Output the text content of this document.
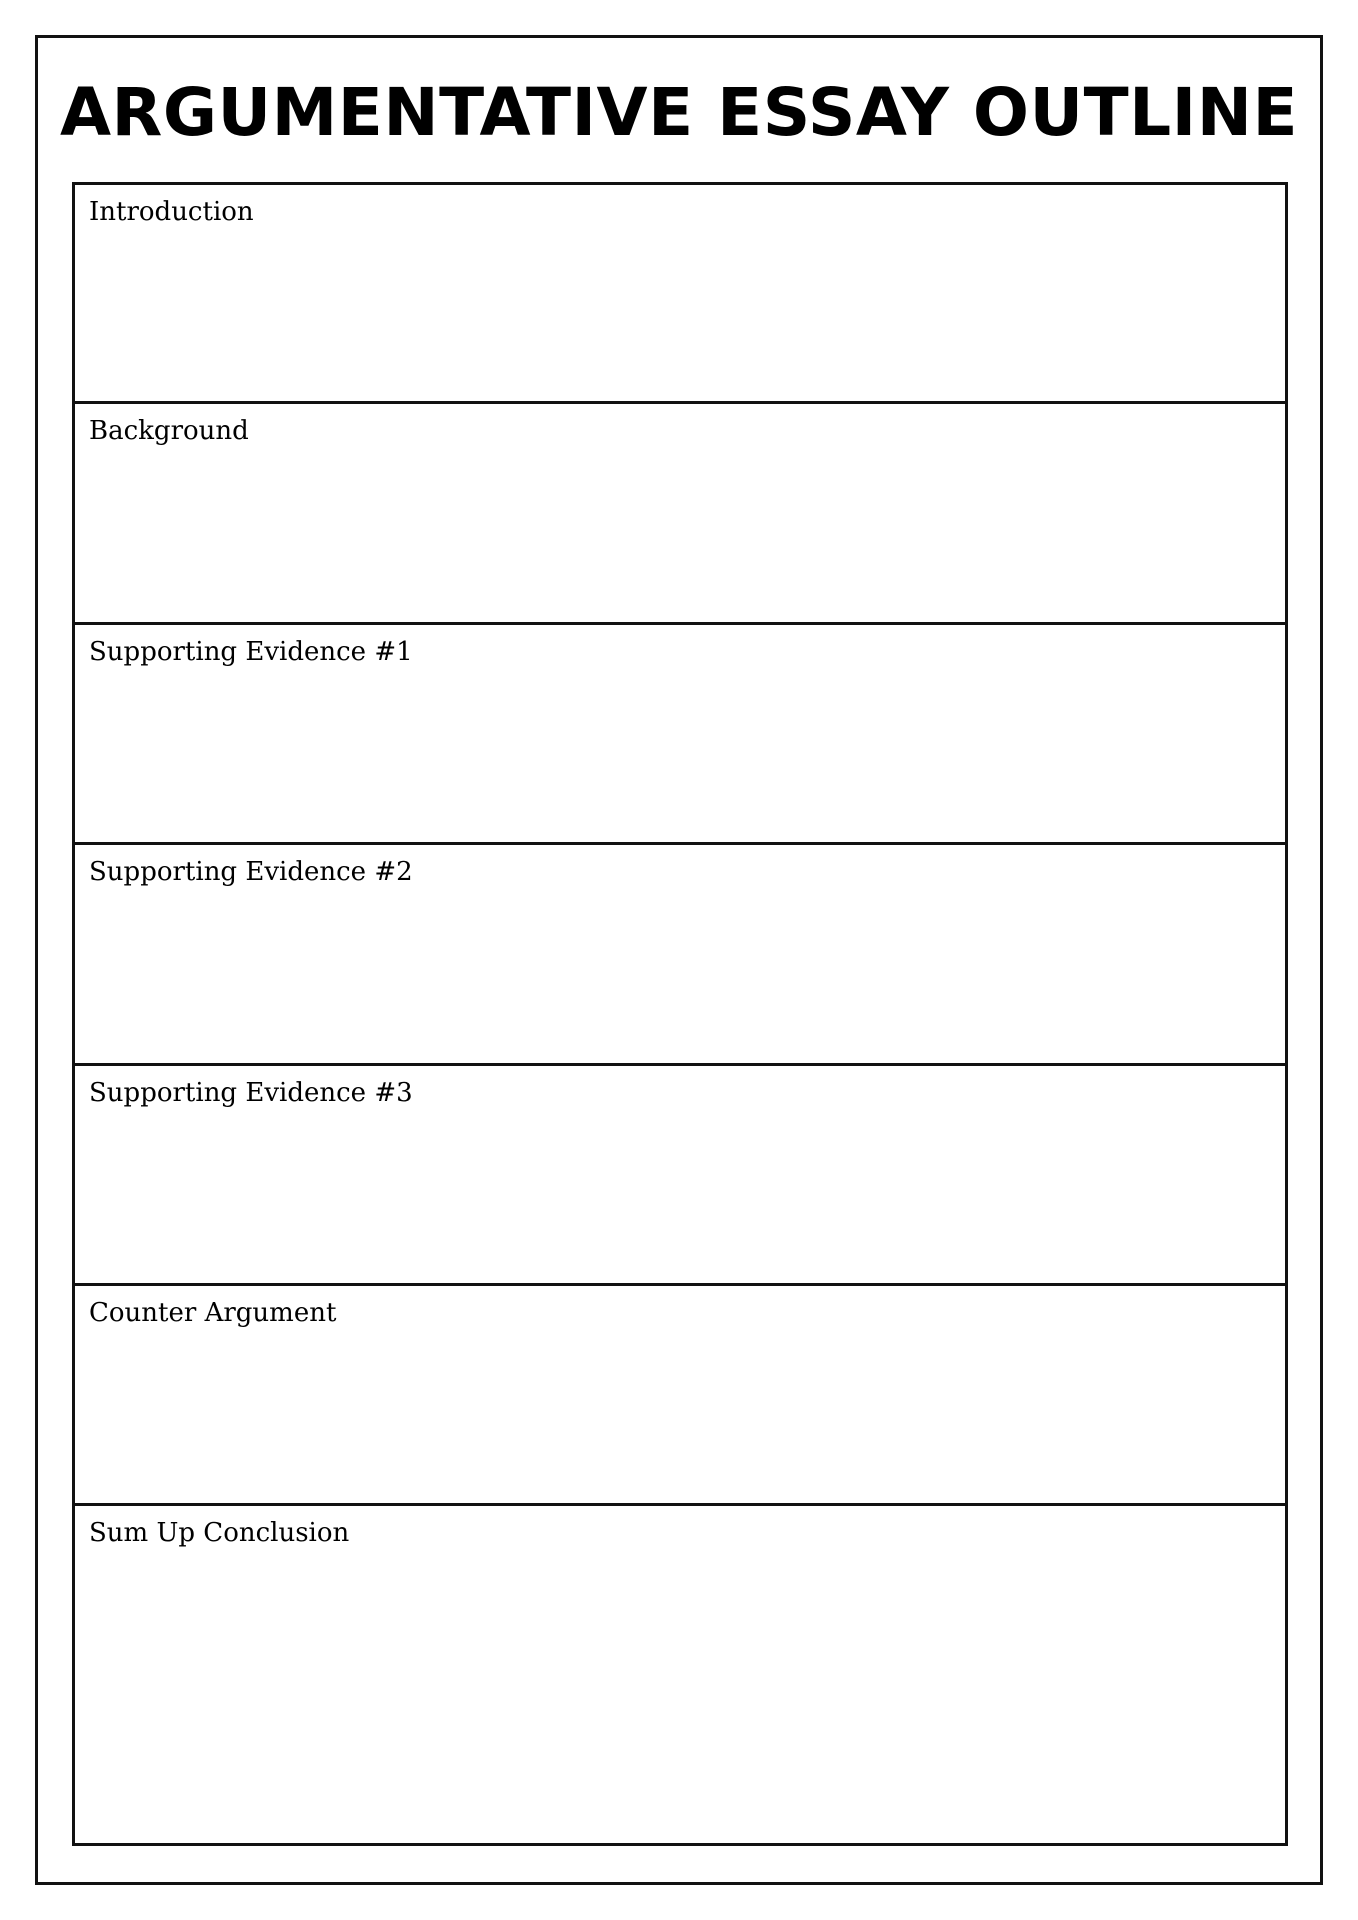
ARGUMENTATIVE ESSAY OUTLINE
Introduction
Background
Supporting Evidence #1
Supporting Evidence #2
Supporting Evidence #3
Counter Argument
Sum Up Conclusion
